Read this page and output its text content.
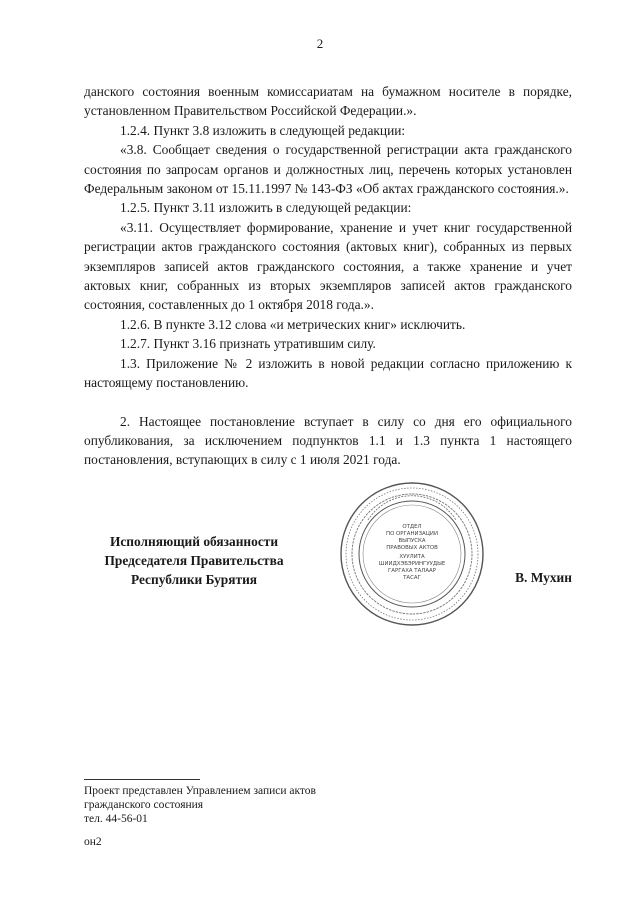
2

данского состояния военным комиссариатам на бумажном носителе в порядке, установленном Правительством Российской Федерации.».

1.2.4. Пункт 3.8 изложить в следующей редакции:

«3.8. Сообщает сведения о государственной регистрации акта гражданского состояния по запросам органов и должностных лиц, перечень которых установлен Федеральным законом от 15.11.1997 № 143-ФЗ «Об актах гражданского состояния.».

1.2.5. Пункт 3.11 изложить в следующей редакции:

«3.11. Осуществляет формирование, хранение и учет книг государственной регистрации актов гражданского состояния (актовых книг), собранных из первых экземпляров записей актов гражданского состояния, а также хранение и учет актовых книг, собранных из вторых экземпляров записей актов гражданского состояния, составленных до 1 октября 2018 года.».

1.2.6. В пункте 3.12 слова «и метрических книг» исключить.

1.2.7. Пункт 3.16 признать утратившим силу.

1.3. Приложение № 2 изложить в новой редакции согласно приложению к настоящему постановлению.

2. Настоящее постановление вступает в силу со дня его официального опубликования, за исключением подпунктов 1.1 и 1.3 пункта 1 настоящего постановления, вступающих в силу с 1 июля 2021 года.

Исполняющий обязанности
Председателя Правительства
Республики Бурятия
ОТДЕЛ
ПО ОРГАНИЗАЦИИ
ВЫПУСКА
ПРАВОВЫХ АКТОВ
ХУУЛИТА
ШИИДХЭБЭРИНГУУДЫЕ
ГАРГАХА ТАЛААР
ТАСАГ	В. Мухин
Проект представлен Управлением записи актов
гражданского состояния
тел. 44-56-01
он2
